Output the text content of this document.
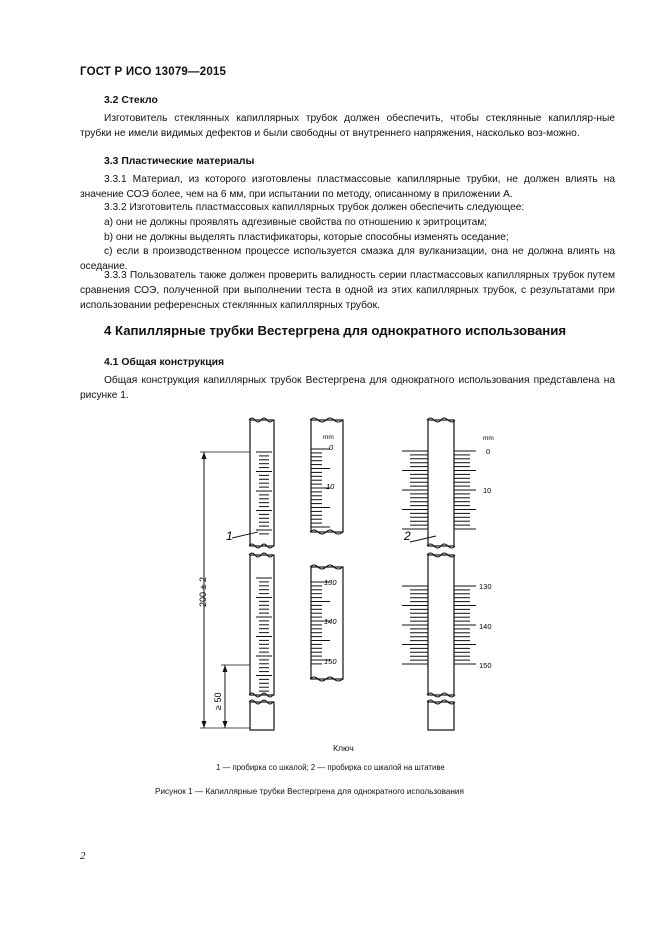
ГОСТ Р ИСО 13079—2015

3.2 Стекло

Изготовитель стеклянных капиллярных трубок должен обеспечить, чтобы стеклянные капилляр-ные трубки не имели видимых дефектов и были свободны от внутреннего напряжения, насколько воз-можно.

3.3 Пластические материалы

3.3.1 Материал, из которого изготовлены пластмассовые капиллярные трубки, не должен влиять на значение СОЭ более, чем на 6 мм, при испытании по методу, описанному в приложении А.

3.3.2 Изготовитель пластмассовых капиллярных трубок должен обеспечить следующее:

a) они не должны проявлять адгезивные свойства по отношению к эритроцитам;

b) они не должны выделять пластификаторы, которые способны изменять оседание;

c) если в производственном процессе используется смазка для вулканизации, она не должна влиять на оседание.

3.3.3 Пользователь также должен проверить валидность серии пластмассовых капиллярных трубок путем сравнения СОЭ, полученной при выполнении теста в одной из этих капиллярных трубок, с результатами при использовании референсных стеклянных капиллярных трубок.

4 Капиллярные трубки Вестергрена для однократного использования

4.1 Общая конструкция

Общая конструкция капиллярных трубок Вестергрена для однократного использования представлена на рисунке 1.

200 ± 2
≥ 50
1
mm
0
10
130
140
150
mm
0
10
130
140
150
2
Ключ
1 — пробирка со шкалой; 2 — пробирка со шкалой на штативе
Рисунок 1 — Капиллярные трубки Вестергрена для однократного использования
2
